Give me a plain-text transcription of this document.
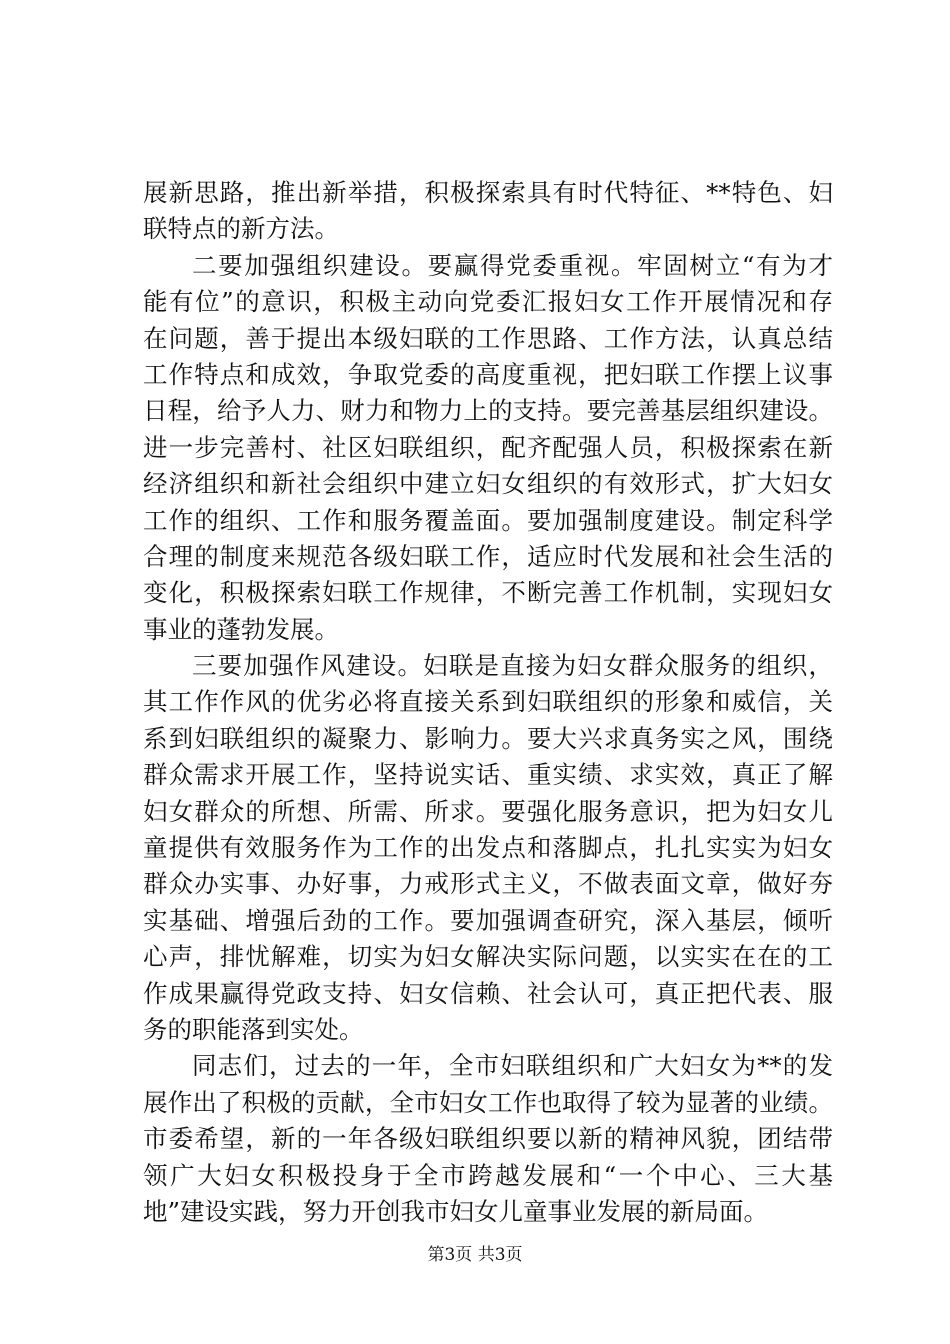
展新思路，推出新举措，积极探索具有时代特征、**特色、妇
联特点的新方法。
二要加强组织建设。要赢得党委重视。牢固树立“有为才
能有位”的意识，积极主动向党委汇报妇女工作开展情况和存
在问题，善于提出本级妇联的工作思路、工作方法，认真总结
工作特点和成效，争取党委的高度重视，把妇联工作摆上议事
日程，给予人力、财力和物力上的支持。要完善基层组织建设。
进一步完善村、社区妇联组织，配齐配强人员，积极探索在新
经济组织和新社会组织中建立妇女组织的有效形式，扩大妇女
工作的组织、工作和服务覆盖面。要加强制度建设。制定科学
合理的制度来规范各级妇联工作，适应时代发展和社会生活的
变化，积极探索妇联工作规律，不断完善工作机制，实现妇女
事业的蓬勃发展。
三要加强作风建设。妇联是直接为妇女群众服务的组织，
其工作作风的优劣必将直接关系到妇联组织的形象和威信，关
系到妇联组织的凝聚力、影响力。要大兴求真务实之风，围绕
群众需求开展工作，坚持说实话、重实绩、求实效，真正了解
妇女群众的所想、所需、所求。要强化服务意识，把为妇女儿
童提供有效服务作为工作的出发点和落脚点，扎扎实实为妇女
群众办实事、办好事，力戒形式主义，不做表面文章，做好夯
实基础、增强后劲的工作。要加强调查研究，深入基层，倾听
心声，排忧解难，切实为妇女解决实际问题，以实实在在的工
作成果赢得党政支持、妇女信赖、社会认可，真正把代表、服
务的职能落到实处。
同志们，过去的一年，全市妇联组织和广大妇女为**的发
展作出了积极的贡献，全市妇女工作也取得了较为显著的业绩。
市委希望，新的一年各级妇联组织要以新的精神风貌，团结带
领广大妇女积极投身于全市跨越发展和“一个中心、三大基
地”建设实践，努力开创我市妇女儿童事业发展的新局面。
第3页 共3页
